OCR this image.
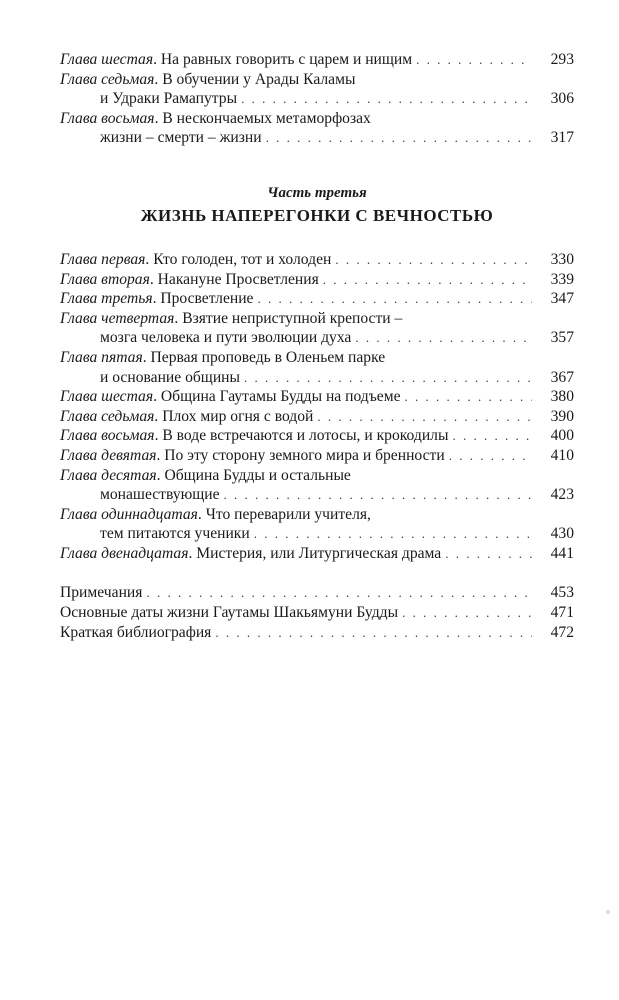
Глава шестая. На равных говорить с царем и нищим . . .	293
Глава седьмая. В обучении у Арады Каламы
и Удраки Рамапутры . . .	306
Глава восьмая. В нескончаемых метаморфозах
жизни – смерти – жизни . . .	317
Часть третья
ЖИЗНЬ НАПЕРЕГОНКИ С ВЕЧНОСТЬЮ
Глава первая. Кто голоден, тот и холоден . . .	330
Глава вторая. Накануне Просветления . . .	339
Глава третья. Просветление . . .	347
Глава четвертая. Взятие неприступной крепости –
мозга человека и пути эволюции духа . . .	357
Глава пятая. Первая проповедь в Оленьем парке
и основание общины . . .	367
Глава шестая. Община Гаутамы Будды на подъеме . . .	380
Глава седьмая. Плох мир огня с водой . . .	390
Глава восьмая. В воде встречаются и лотосы, и крокодилы . . .	400
Глава девятая. По эту сторону земного мира и бренности . . .	410
Глава десятая. Община Будды и остальные
монашествующие . . .	423
Глава одиннадцатая. Что переварили учителя,
тем питаются ученики . . .	430
Глава двенадцатая. Мистерия, или Литургическая драма . . .	441
Примечания . . .	453
Основные даты жизни Гаутамы Шакьямуни Будды . . .	471
Краткая библиография . . .	472
